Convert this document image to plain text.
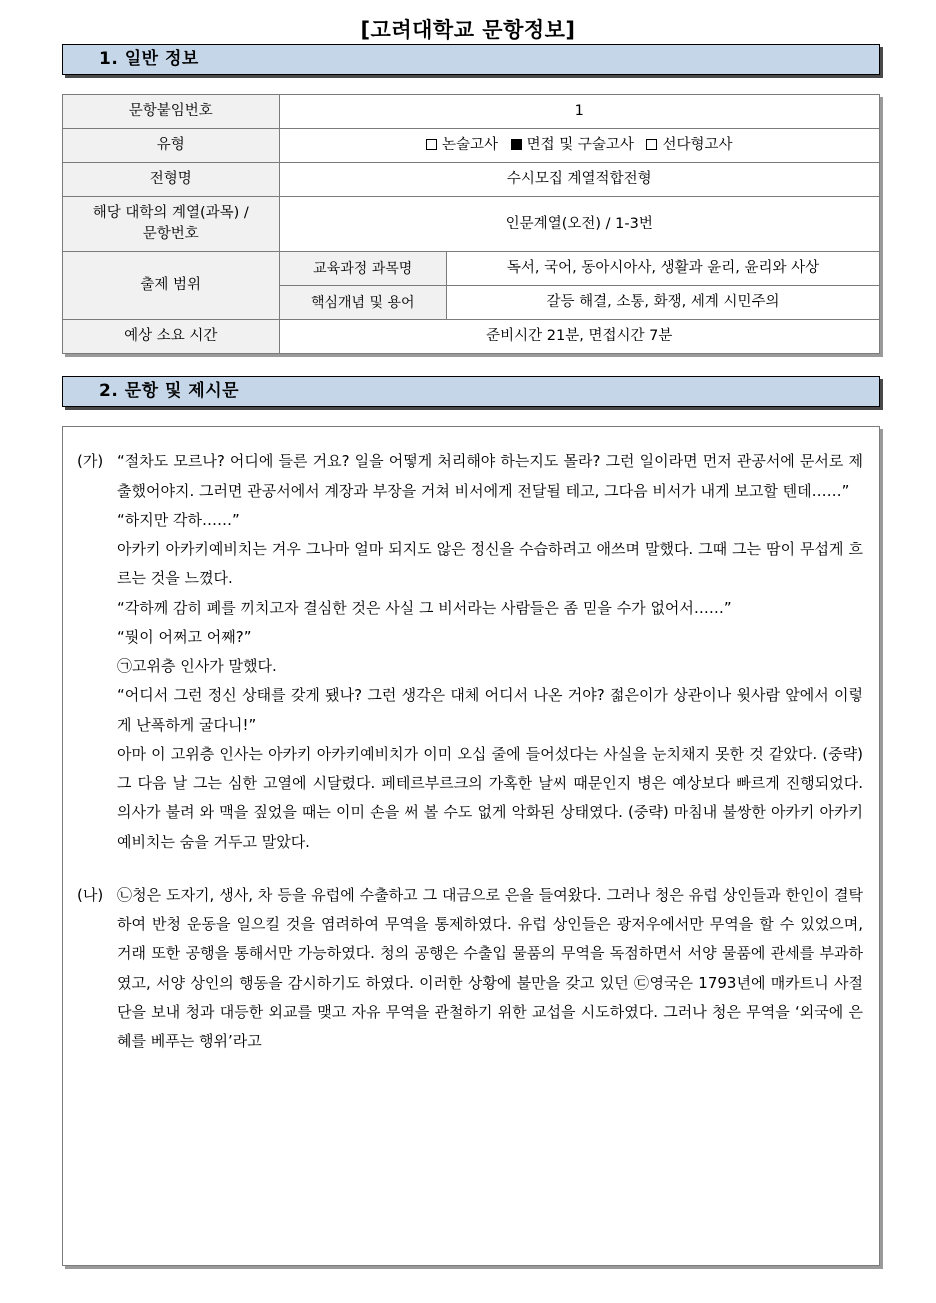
[고려대학교 문항정보]
1. 일반 정보
문항붙임번호	1	
유형	논술고사 면접 및 구술고사 선다형고사	
전형명	수시모집 계열적합전형	
해당 대학의 계열(과목) /
문항번호	인문계열(오전) / 1-3번	
출제 범위	교육과정 과목명	독서, 국어, 동아시아사, 생활과 윤리, 윤리와 사상
	핵심개념 및 용어	갈등 해결, 소통, 화쟁, 세계 시민주의
예상 소요 시간	준비시간 21분, 면접시간 7분	
2. 문항 및 제시문
(가) “절차도 모르나? 어디에 들른 거요? 일을 어떻게 처리해야 하는지도 몰라? 그런 일이라면 먼저 관공서에 문서로 제출했어야지. 그러면 관공서에서 계장과 부장을 거쳐 비서에게 전달될 테고, 그다음 비서가 내게 보고할 텐데……”

“하지만 각하……”

아카키 아카키예비치는 겨우 그나마 얼마 되지도 않은 정신을 수습하려고 애쓰며 말했다. 그때 그는 땀이 무섭게 흐르는 것을 느꼈다.

“각하께 감히 폐를 끼치고자 결심한 것은 사실 그 비서라는 사람들은 좀 믿을 수가 없어서……”

“뭣이 어쩌고 어째?”

㉠고위층 인사가 말했다.

“어디서 그런 정신 상태를 갖게 됐나? 그런 생각은 대체 어디서 나온 거야? 젊은이가 상관이나 윗사람 앞에서 이렇게 난폭하게 굴다니!”

아마 이 고위층 인사는 아카키 아카키예비치가 이미 오십 줄에 들어섰다는 사실을 눈치채지 못한 것 같았다. (중략) 그 다음 날 그는 심한 고열에 시달렸다. 페테르부르크의 가혹한 날씨 때문인지 병은 예상보다 빠르게 진행되었다. 의사가 불려 와 맥을 짚었을 때는 이미 손을 써 볼 수도 없게 악화된 상태였다. (중략) 마침내 불쌍한 아카키 아카키예비치는 숨을 거두고 말았다.

(나) ㉡청은 도자기, 생사, 차 등을 유럽에 수출하고 그 대금으로 은을 들여왔다. 그러나 청은 유럽 상인들과 한인이 결탁하여 반청 운동을 일으킬 것을 염려하여 무역을 통제하였다. 유럽 상인들은 광저우에서만 무역을 할 수 있었으며, 거래 또한 공행을 통해서만 가능하였다. 청의 공행은 수출입 물품의 무역을 독점하면서 서양 물품에 관세를 부과하였고, 서양 상인의 행동을 감시하기도 하였다. 이러한 상황에 불만을 갖고 있던 ㉢영국은 1793년에 매카트니 사절단을 보내 청과 대등한 외교를 맺고 자유 무역을 관철하기 위한 교섭을 시도하였다. 그러나 청은 무역을 ‘외국에 은혜를 베푸는 행위’라고
